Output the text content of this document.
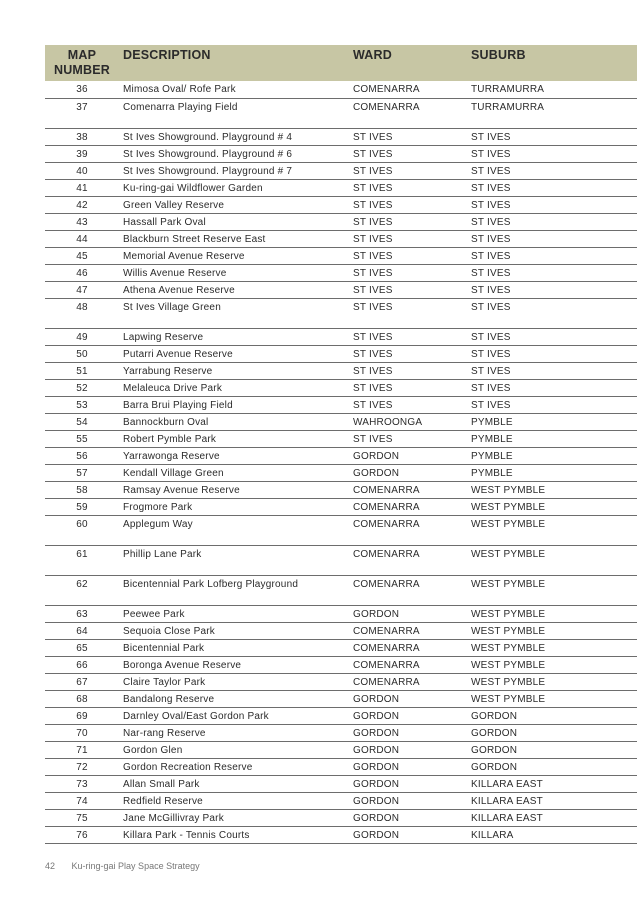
MAP
NUMBER	DESCRIPTION	WARD	SUBURB
36	Mimosa Oval/ Rofe Park	COMENARRA	TURRAMURRA
37	Comenarra Playing Field	COMENARRA	TURRAMURRA
38	St Ives Showground. Playground # 4	ST IVES	ST IVES
39	St Ives Showground. Playground # 6	ST IVES	ST IVES
40	St Ives Showground. Playground # 7	ST IVES	ST IVES
41	Ku-ring-gai Wildflower Garden	ST IVES	ST IVES
42	Green Valley Reserve	ST IVES	ST IVES
43	Hassall Park Oval	ST IVES	ST IVES
44	Blackburn Street Reserve East	ST IVES	ST IVES
45	Memorial Avenue Reserve	ST IVES	ST IVES
46	Willis Avenue Reserve	ST IVES	ST IVES
47	Athena Avenue Reserve	ST IVES	ST IVES
48	St Ives Village Green	ST IVES	ST IVES
49	Lapwing Reserve	ST IVES	ST IVES
50	Putarri Avenue Reserve	ST IVES	ST IVES
51	Yarrabung Reserve	ST IVES	ST IVES
52	Melaleuca Drive Park	ST IVES	ST IVES
53	Barra Brui Playing Field	ST IVES	ST IVES
54	Bannockburn Oval	WAHROONGA	PYMBLE
55	Robert Pymble Park	ST IVES	PYMBLE
56	Yarrawonga Reserve	GORDON	PYMBLE
57	Kendall Village Green	GORDON	PYMBLE
58	Ramsay Avenue Reserve	COMENARRA	WEST PYMBLE
59	Frogmore Park	COMENARRA	WEST PYMBLE
60	Applegum Way	COMENARRA	WEST PYMBLE
61	Phillip Lane Park	COMENARRA	WEST PYMBLE
62	Bicentennial Park Lofberg Playground	COMENARRA	WEST PYMBLE
63	Peewee Park	GORDON	WEST PYMBLE
64	Sequoia Close Park	COMENARRA	WEST PYMBLE
65	Bicentennial Park	COMENARRA	WEST PYMBLE
66	Boronga Avenue Reserve	COMENARRA	WEST PYMBLE
67	Claire Taylor Park	COMENARRA	WEST PYMBLE
68	Bandalong Reserve	GORDON	WEST PYMBLE
69	Darnley Oval/East Gordon Park	GORDON	GORDON
70	Nar-rang Reserve	GORDON	GORDON
71	Gordon Glen	GORDON	GORDON
72	Gordon Recreation Reserve	GORDON	GORDON
73	Allan Small Park	GORDON	KILLARA EAST
74	Redfield Reserve	GORDON	KILLARA EAST
75	Jane McGillivray Park	GORDON	KILLARA EAST
76	Killara Park - Tennis Courts	GORDON	KILLARA
42 Ku-ring-gai Play Space Strategy
